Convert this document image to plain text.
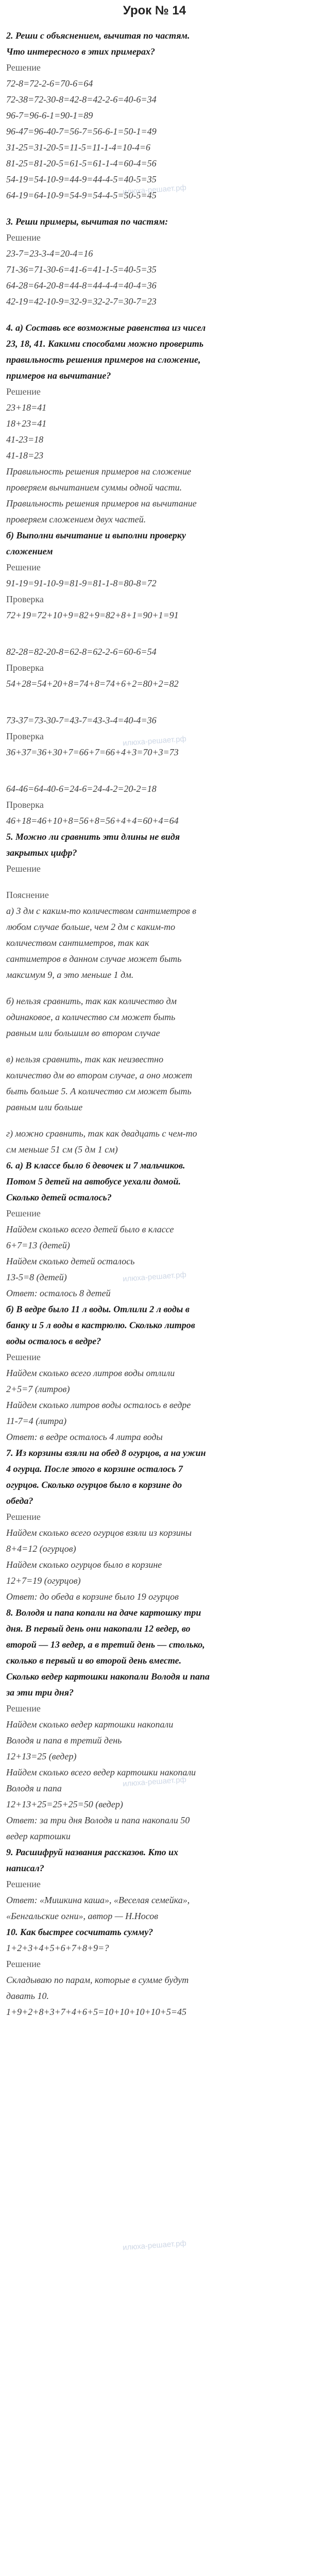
Урок № 14
2. Реши с объяснением, вычитая по частям.
Что интересного в этих примерах?
Решение
72-8=72-2-6=70-6=64
72-38=72-30-8=42-8=42-2-6=40-6=34
96-7=96-6-1=90-1=89
96-47=96-40-7=56-7=56-6-1=50-1=49
31-25=31-20-5=11-5=11-1-4=10-4=6
81-25=81-20-5=61-5=61-1-4=60-4=56
54-19=54-10-9=44-9=44-4-5=40-5=35
64-19=64-10-9=54-9=54-4-5=50-5=45
3. Реши примеры, вычитая по частям:
Решение
23-7=23-3-4=20-4=16
71-36=71-30-6=41-6=41-1-5=40-5=35
64-28=64-20-8=44-8=44-4-4=40-4=36
42-19=42-10-9=32-9=32-2-7=30-7=23
4. а) Составь все возможные равенства из чисел
23, 18, 41. Какими способами можно проверить
правильность решения примеров на сложение,
примеров на вычитание?
Решение
23+18=41
18+23=41
41-23=18
41-18=23
Правильность решения примеров на сложение
проверяем вычитанием суммы одной части.
Правильность решения примеров на вычитание
проверяем сложением двух частей.
б) Выполни вычитание и выполни проверку
сложением
Решение
91-19=91-10-9=81-9=81-1-8=80-8=72
Проверка
72+19=72+10+9=82+9=82+8+1=90+1=91
82-28=82-20-8=62-8=62-2-6=60-6=54
Проверка
54+28=54+20+8=74+8=74+6+2=80+2=82
73-37=73-30-7=43-7=43-3-4=40-4=36
Проверка
36+37=36+30+7=66+7=66+4+3=70+3=73
64-46=64-40-6=24-6=24-4-2=20-2=18
Проверка
46+18=46+10+8=56+8=56+4+4=60+4=64
5. Можно ли сравнить эти длины не видя
закрытых цифр?
Решение
Пояснение
а) 3 дм с каким-то количеством сантиметров в
любом случае больше, чем 2 дм с каким-то
количеством сантиметров, так как
сантиметров в данном случае может быть
максимум 9, а это меньше 1 дм.
б) нельзя сравнить, так как количество дм
одинаковое, а количество см может быть
равным или большим во втором случае
в) нельзя сравнить, так как неизвестно
количество дм во втором случае, а оно может
быть больше 5. А количество см может быть
равным или больше
г) можно сравнить, так как двадцать с чем-то
см меньше 51 см (5 дм 1 см)
6. а) В классе было 6 девочек и 7 мальчиков.
Потом 5 детей на автобусе уехали домой.
Сколько детей осталось?
Решение
Найдем сколько всего детей было в классе
6+7=13 (детей)
Найдем сколько детей осталось
13-5=8 (детей)
Ответ: осталось 8 детей
б) В ведре было 11 л воды. Отлили 2 л воды в
банку и 5 л воды в кастрюлю. Сколько литров
воды осталось в ведре?
Решение
Найдем сколько всего литров воды отлили
2+5=7 (литров)
Найдем сколько литров воды осталось в ведре
11-7=4 (литра)
Ответ: в ведре осталось 4 литра воды
7. Из корзины взяли на обед 8 огурцов, а на ужин
4 огурца. После этого в корзине осталось 7
огурцов. Сколько огурцов было в корзине до
обеда?
Решение
Найдем сколько всего огурцов взяли из корзины
8+4=12 (огурцов)
Найдем сколько огурцов было в корзине
12+7=19 (огурцов)
Ответ: до обеда в корзине было 19 огурцов
8. Володя и папа копали на даче картошку три
дня. В первый день они накопали 12 ведер, во
второй — 13 ведер, а в третий день — столько,
сколько в первый и во второй день вместе.
Сколько ведер картошки накопали Володя и папа
за эти три дня?
Решение
Найдем сколько ведер картошки накопали
Володя и папа в третий день
12+13=25 (ведер)
Найдем сколько всего ведер картошки накопали
Володя и папа
12+13+25=25+25=50 (ведер)
Ответ: за три дня Володя и папа накопали 50
ведер картошки
9. Расшифруй названия рассказов. Кто их
написал?
Решение
Ответ: «Мишкина каша», «Веселая семейка»,
«Бенгальские огни», автор — Н.Носов
10. Как быстрее сосчитать сумму?
1+2+3+4+5+6+7+8+9=?
Решение
Складываю по парам, которые в сумме будут
давать 10.
1+9+2+8+3+7+4+6+5=10+10+10+10+5=45
илюха-решает.рф
илюха-решает.рф
илюха-решает.рф
илюха-решает.рф
илюха-решает.рф
